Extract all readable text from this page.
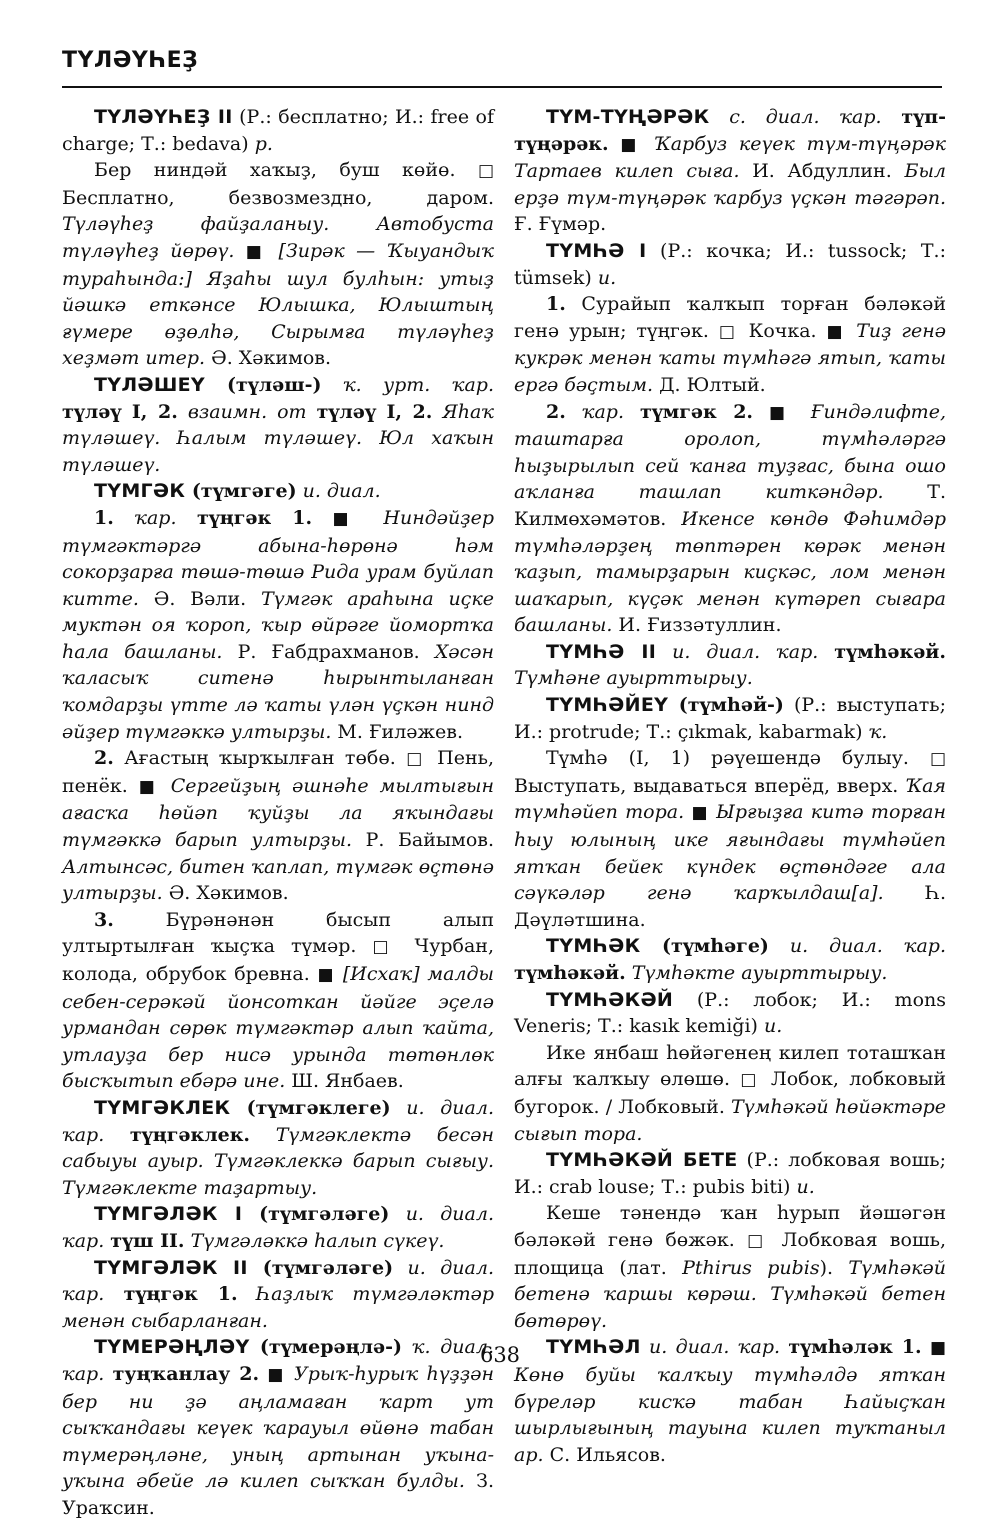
ТҮЛӘҮҺЕҘ

ТҮЛӘҮҺЕҘ II (Р.: бесплатно; И.: free of charge; Т.: bedava) р.

Бер нинд​әй хаҡыҙ, буш көйө. □ Бесплатно, безвозмездно, даром. Түләүһеҙ файҙаланыу. Автобуста түләүһеҙ йөрөү. ■ [Зирәк — Ҡыуандыҡ тураһында:] Яҙаһы шул булһын: утыҙ йәшкә еткәнсе Юлышка, Юлыштың ғүмере өҙөлһә, Сырымға түләүһеҙ хеҙмәт итер. Ә. Хәкимов.

ТҮЛӘШЕҮ (түләш-) ҡ. урт. ҡар. түләү I, 2. взаимн. от түләү I, 2. Яһаҡ түләшеү. Һалым түләшеү. Юл хаҡын түләшеү.

ТҮМГӘК (түмгәге) и. диал.

1. ҡар. түңгәк 1. ■ Нинд​әйҙер түмгәктәргә абына-һөрөнә һәм сокорҙарға төшә-төшә Рида урам буйлап китте. Ә. Вәли. Түмгәк араһына иҫке муктән оя ҡороп, ҡыр өйрәге йомортҡа һала башланы. Р. Ғабдрахманов. Хәсән ҡаласыҡ ситенә һырынтыланған ҡомдарҙы үтте лә ҡаты үлән үҫкән нинд​әйҙер түмгәккә ултырҙы. М. Ғиләжев.

2. Ағастың ҡырҡылған төбө. □ Пень, пенёк. ■ Сергейҙың әшнәһе мылтығын ағасҡа һөйәп ҡуйҙы ла яҡындағы түмгәккә барып ултырҙы. Р. Байымов. Алтынсәс, битен ҡаплап, түмгәк өҫтөнә ултырҙы. Ә. Хәкимов.

3. Бүрәнәнән бысып алып ултыртылған ҡыҫҡа түмәр. □ Чурбан, колода, обрубок бревна. ■ [Исхаҡ] малды себен-серәкәй йонсоткан йәйге эҫелә урмандан сөрөк түмгәктәр алып ҡайта, утлауҙа бер нисә урында төтөнлөк бысҡытып ебәрә ине. Ш. Янбаев.

ТҮМГӘКЛЕК (түмгәклеге) и. диал. ҡар. түңгәклек. Түмгәклектә бесән сабыуы ауыр. Түмгәклеккә барып сығыу. Түмгәклекте таҙартыу.

ТҮМГӘЛӘК I (түмгәләге) и. диал. ҡар. түш II. Түмгәләккә һалып сүкеү.

ТҮМГӘЛӘК II (түмгәләге) и. диал. ҡар. түңгәк 1. Һаҙлыҡ түмгәләктәр менән сыбарланған.

ТҮМЕРӘҢЛӘҮ (түмерәңлә-) ҡ. диал. ҡар. туңҡанлау 2. ■ Урыҡ-һурыҡ һүҙҙән бер ни ҙә аңламаған ҡарт ут сыҡҡандағы кеүек ҡарауыл өйөнә табан түмерәңләне, уның артынан уҡына-уҡына әбейе лә килеп сыҡҡан булды. З. Ураҡсин.

ТҮМ-ТҮҢӘРӘК с. диал. ҡар. түп-түңәрәк. ■ Ҡарбуз кеүек түм-түңәрәк Тартаев килеп сыға. И. Абдуллин. Был ерҙә түм-түңәрәк ҡарбуз үҫкән тәгәрәп. Ғ. Ғүмәр.

ТҮМҺӘ I (Р.: кочка; И.: tussock; Т.: tümsek) и.

1. Сурайып ҡалҡып торған бәләкәй генә урын; түңгәк. □ Кочка. ■ Тиҙ генә кукрәк менән ҡаты түмһәгә ятып, ҡаты ергә бәҫтым. Д. Юлтый.

2. ҡар. түмгәк 2. ■ Ғинд​әлифте, таштарға оролоп, түмһәләргә һыҙырылып сей ҡанға туҙғас, бына ошо аҡланға ташлап киткәндәр. Т. Килмөхәмәтов. Икенсе көндө Фәһимдәр түмһәләрҙең төптәрен көрәк менән ҡаҙып, тамырҙарын киҫкәс, лом менән шаҡарып, күҫәк менән күтәреп сығара башланы. И. Ғиззәтуллин.

ТҮМҺӘ II и. диал. ҡар. түмһәкәй. Түмһәне ауырттырыу.

ТҮМҺӘЙЕҮ (түмһәй-) (Р.: выступать; И.: protrude; Т.: çıkmak, kabarmak) ҡ.

Түмһә (I, 1) рәүешендә булыу. □ Выступать, выдаваться вперёд, вверх. Ҡая түмһәйеп тора. ■ Ырғыҙға китә торған һыу юлының ике яғындағы түмһәйеп ятҡан бейек күндек өҫтөндәге ала сәүкәләр генә ҡарҡылдаш[а]. Һ. Дәүләтшина.

ТҮМҺӘК (түмһәге) и. диал. ҡар. түмһәкәй. Түмһәкте ауырттырыу.

ТҮМҺӘКӘЙ (Р.: лобок; И.: mons Veneris; Т.: kasık kemiği) и.

Ике янбаш һөйәгенең килеп тоташҡан алғы ҡалҡыу өлөшө. □ Лобок, лобковый бугорок. / Лобковый. Түмһәкәй һөйәктәре сығып тора.

ТҮМҺӘКӘЙ БЕТЕ (Р.: лобковая вошь; И.: crab louse; Т.: pubis biti) и.

Кеше тәнендә ҡан һурып йәшәгән бәләкәй генә бөжәк. □ Лобковая вошь, площица (лат. Pthirus pubis). Түмһәкәй бетенә ҡаршы көрәш. Түмһәкәй бетен бөтөрөү.

ТҮМҺӘЛ и. диал. ҡар. түмһәләк 1. ■ Көнө буйы ҡалҡыу түмһәлдә ятҡан бүреләр кисҡә табан Һайыҫҡан шырлығының тауына килеп туҡтаныл​ар. С. Ильясов.

638
